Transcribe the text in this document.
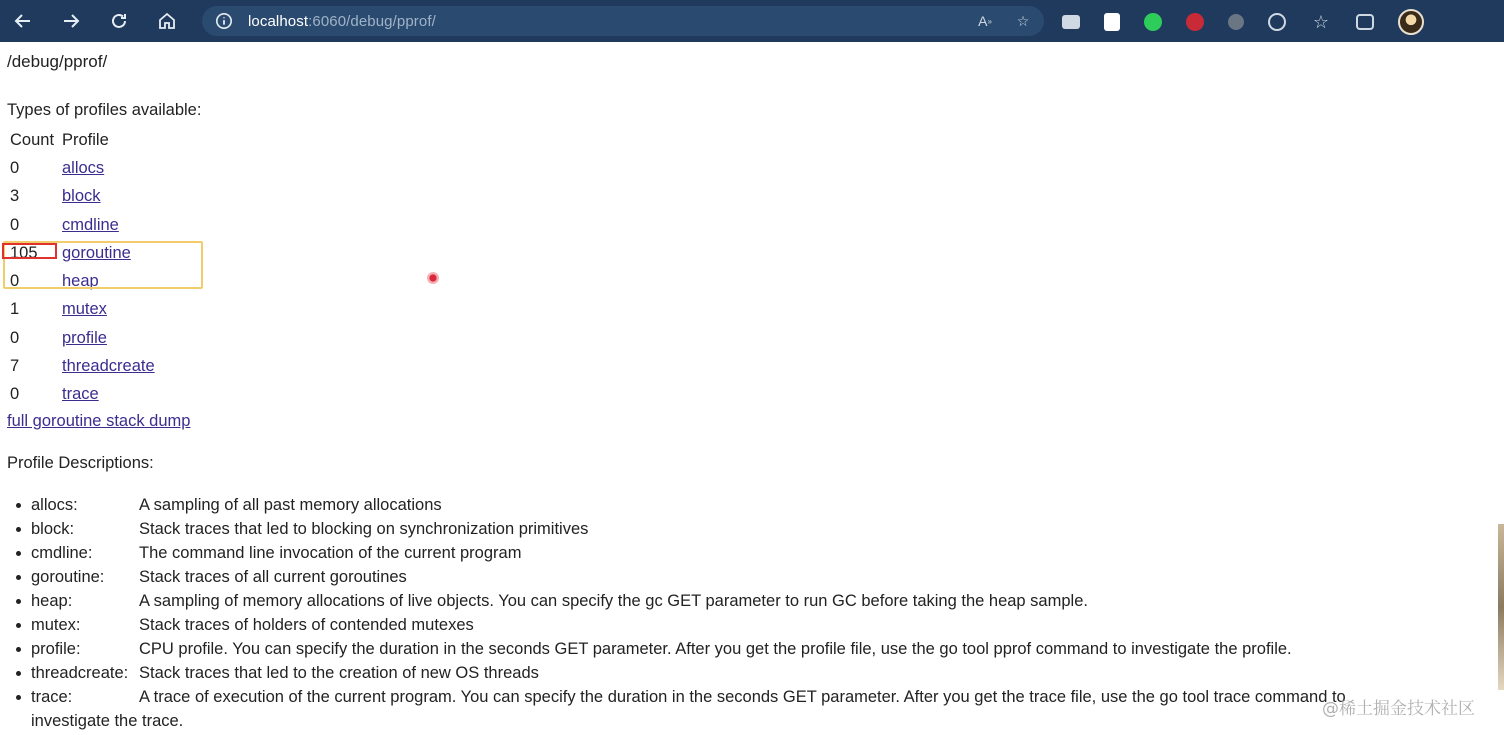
localhost:6060/debug/pprof/	A »	☆	☆
/debug/pprof/
Types of profiles available:
Count	Profile
0	allocs
3	block
0	cmdline
105	goroutine
0	heap
1	mutex
0	profile
7	threadcreate
0	trace
full goroutine stack dump
Profile Descriptions:
allocs:	A sampling of all past memory allocations
block:	Stack traces that led to blocking on synchronization primitives
cmdline:	The command line invocation of the current program
goroutine:	Stack traces of all current goroutines
heap:	A sampling of memory allocations of live objects. You can specify the gc GET parameter to run GC before taking the heap sample.
mutex:	Stack traces of holders of contended mutexes
profile:	CPU profile. You can specify the duration in the seconds GET parameter. After you get the profile file, use the go tool pprof command to investigate the profile.
threadcreate: Stack traces that led to the creation of new OS threads
trace:	A trace of execution of the current program. You can specify the duration in the seconds GET parameter. After you get the trace file, use the go tool trace command to
investigate the trace.
@稀土掘金技术社区
